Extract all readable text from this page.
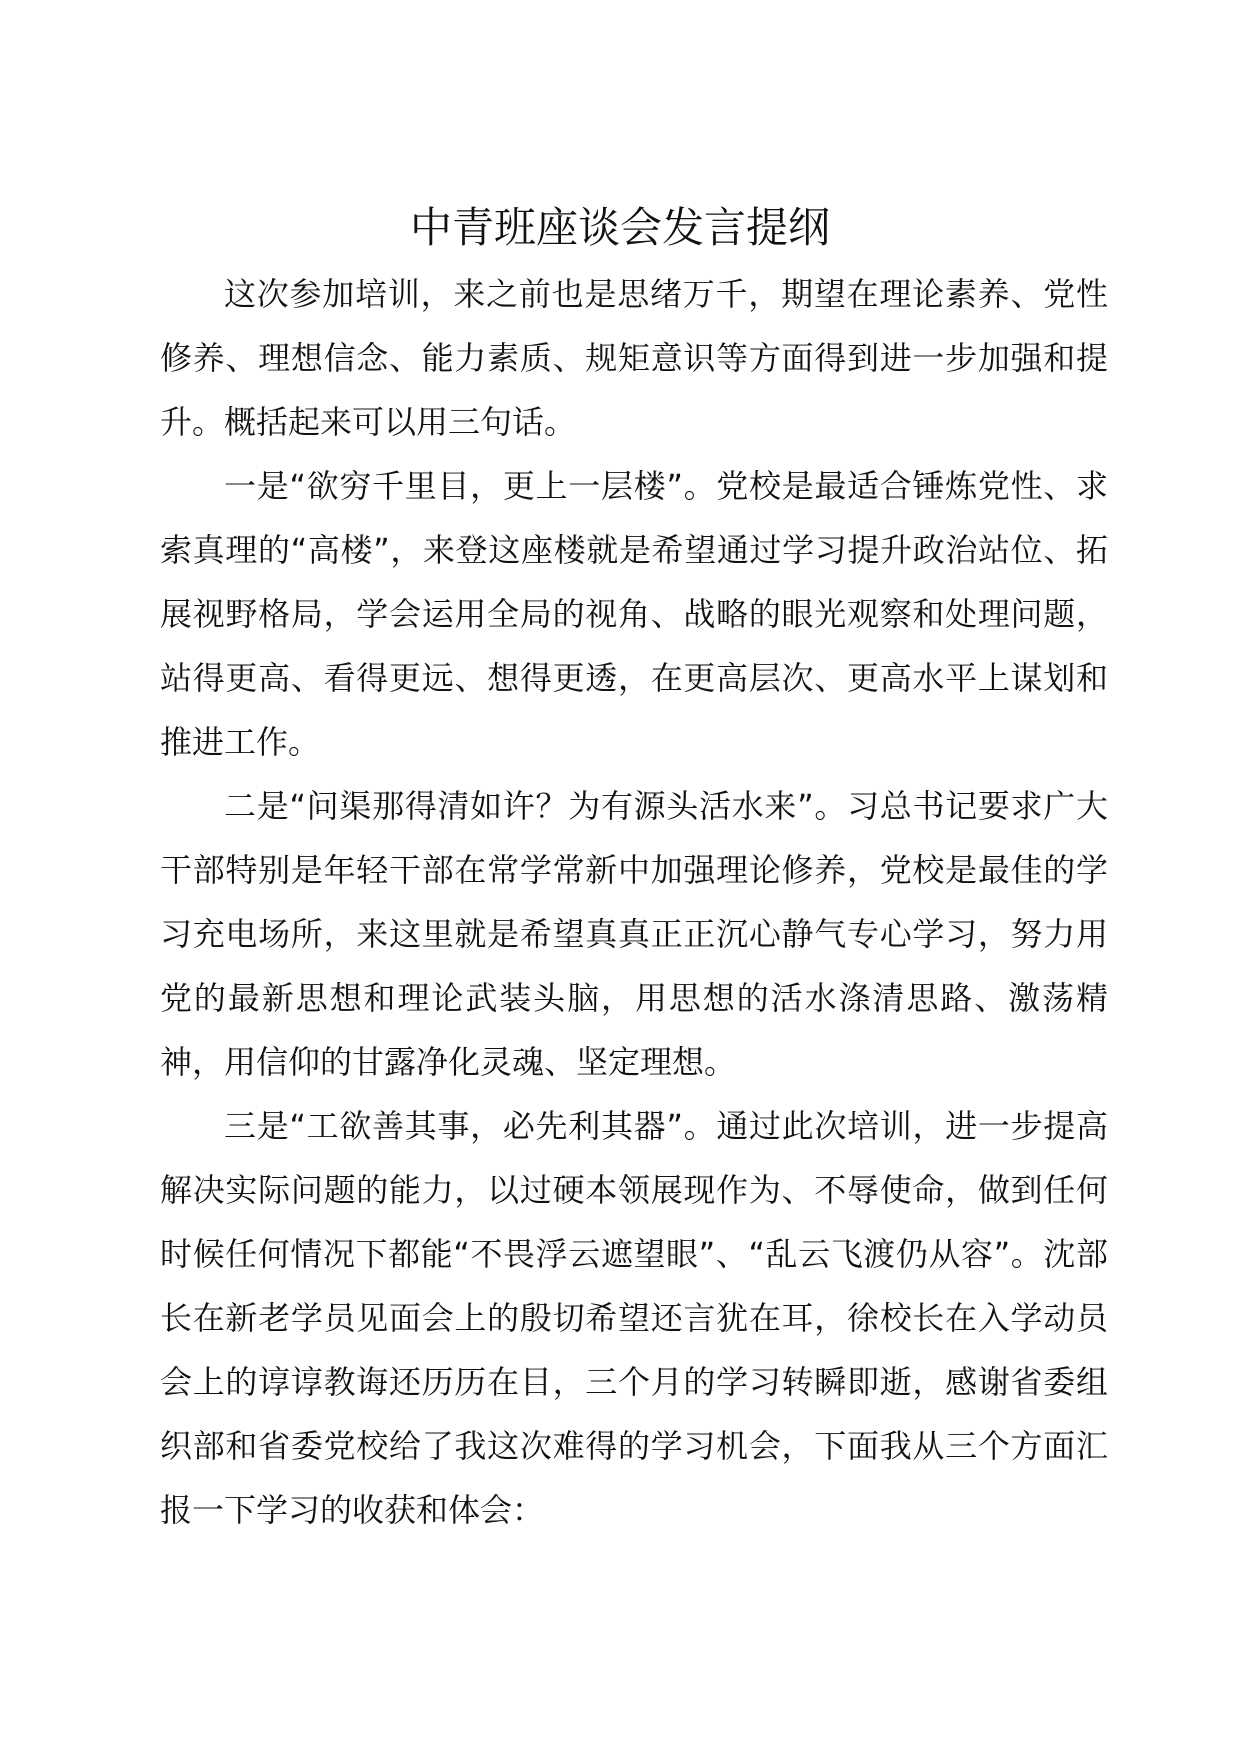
中青班座谈会发言提纲

这次参加培训，来之前也是思绪万千，期望在理论素养、党性修养、理想信念、能力素质、规矩意识等方面得到进一步加强和提升。概括起来可以用三句话。

一是“欲穷千里目，更上一层楼”。党校是最适合锤炼党性、求索真理的“高楼”，来登这座楼就是希望通过学习提升政治站位、拓展视野格局，学会运用全局的视角、战略的眼光观察和处理问题，站得更高、看得更远、想得更透，在更高层次、更高水平上谋划和推进工作。

二是“问渠那得清如许？为有源头活水来”。习总书记要求广大干部特别是年轻干部在常学常新中加强理论修养，党校是最佳的学习充电场所，来这里就是希望真真正正沉心静气专心学习，努力用党的最新思想和理论武装头脑，用思想的活水涤清思路、激荡精神，用信仰的甘露净化灵魂、坚定理想。

三是“工欲善其事，必先利其器”。通过此次培训，进一步提高解决实际问题的能力，以过硬本领展现作为、不辱使命，做到任何时候任何情况下都能“不畏浮云遮望眼”、“乱云飞渡仍从容”。沈部长在新老学员见面会上的殷切希望还言犹在耳，徐校长在入学动员会上的谆谆教诲还历历在目，三个月的学习转瞬即逝，感谢省委组织部和省委党校给了我这次难得的学习机会，下面我从三个方面汇报一下学习的收获和体会：
